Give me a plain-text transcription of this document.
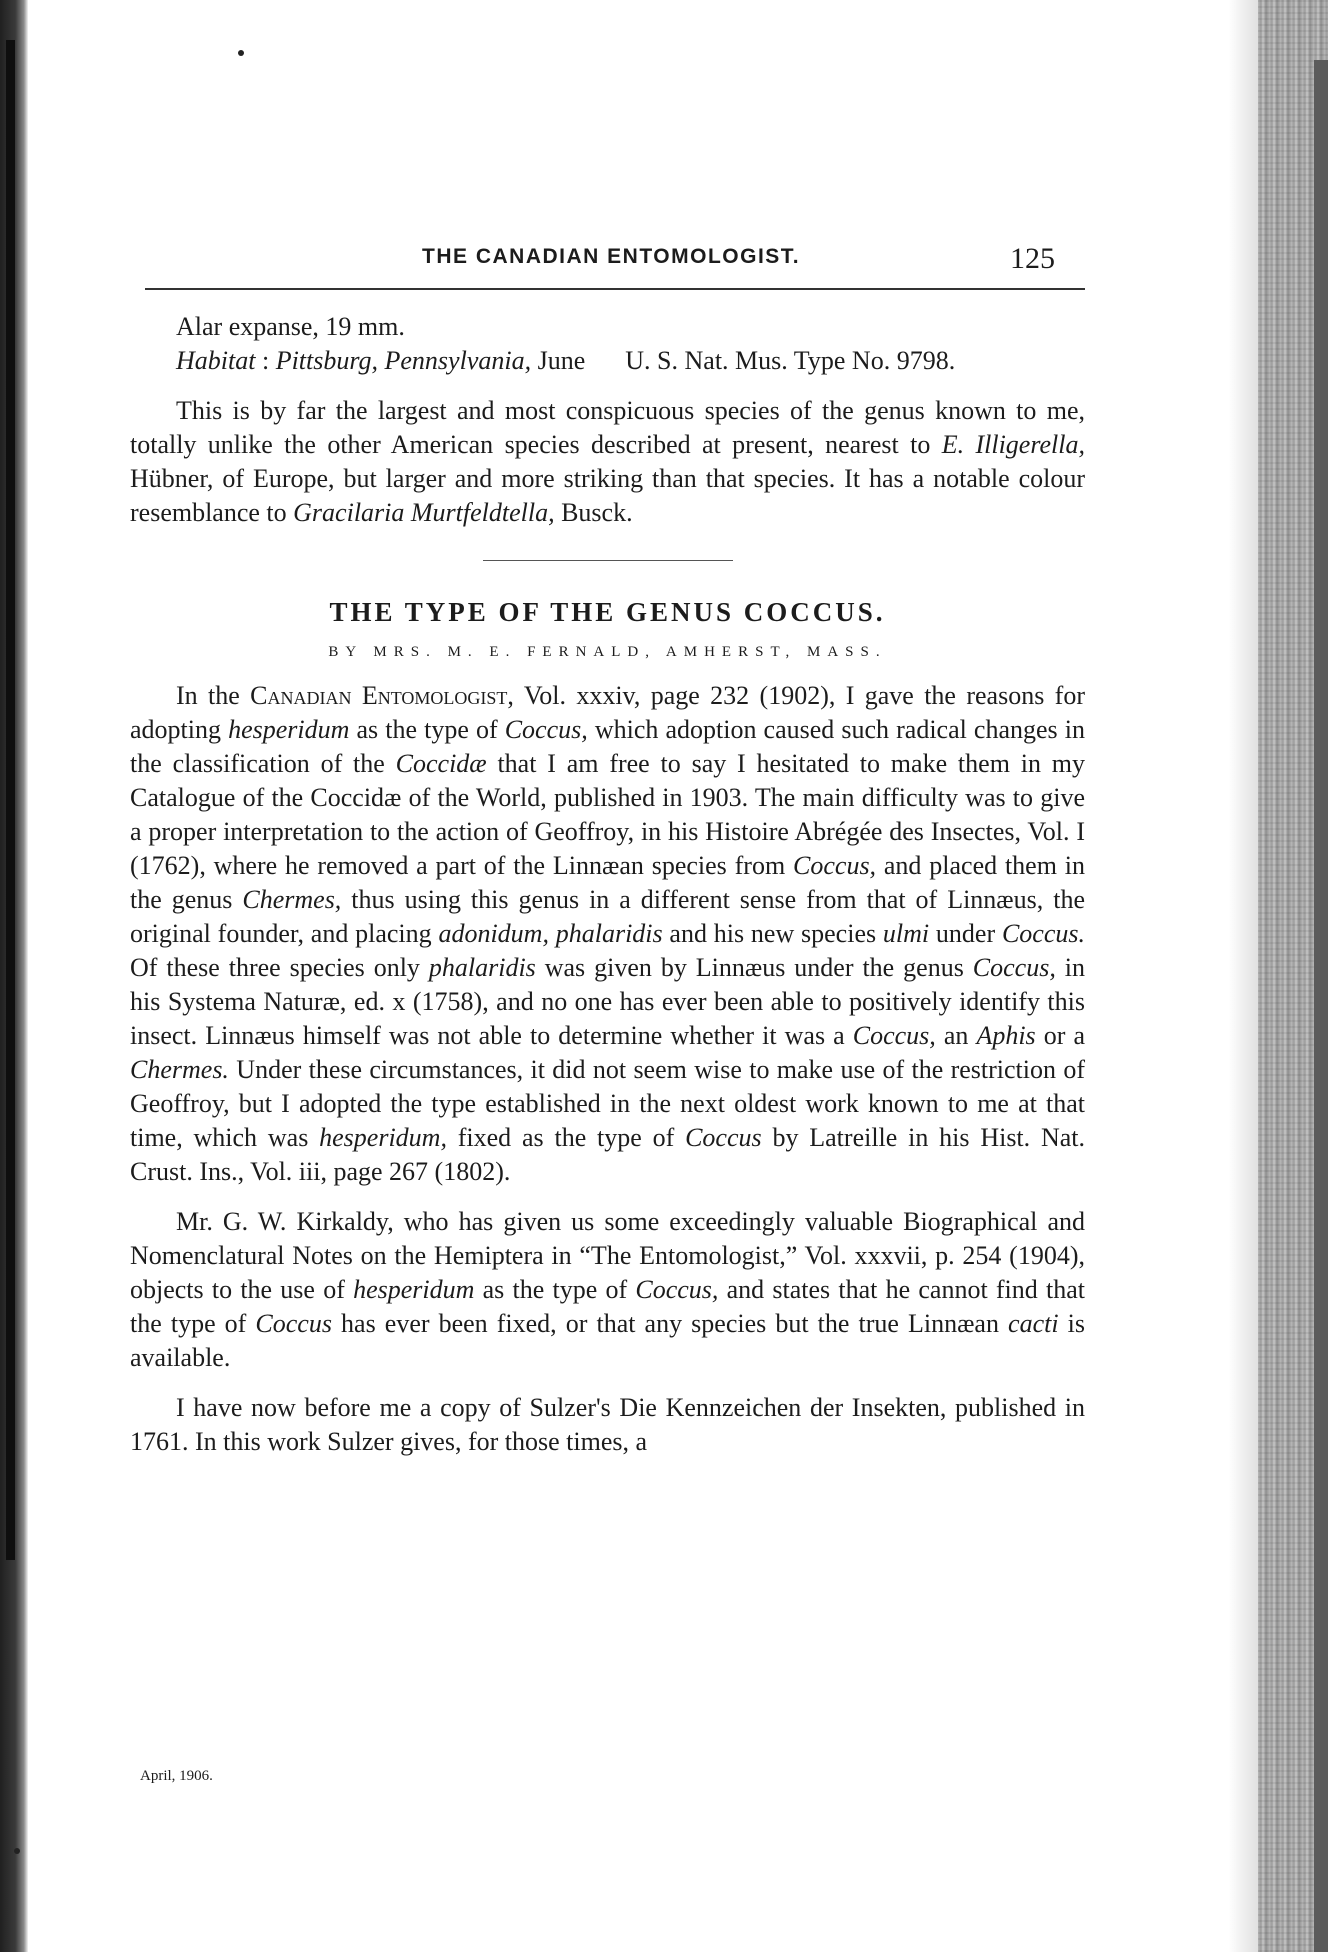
THE CANADIAN ENTOMOLOGIST.	125

Alar expanse, 19 mm.

Habitat : Pittsburg, Pennsylvania, June U. S. Nat. Mus. Type No. 9798.

This is by far the largest and most conspicuous species of the genus known to me, totally unlike the other American species described at present, nearest to E. Illigerella, Hübner, of Europe, but larger and more striking than that species. It has a notable colour resemblance to Gracilaria Murtfeldtella, Busck.

THE TYPE OF THE GENUS COCCUS.
BY MRS. M. E. FERNALD, AMHERST, MASS.

In the Canadian Entomologist, Vol. xxxiv, page 232 (1902), I gave the reasons for adopting hesperidum as the type of Coccus, which adoption caused such radical changes in the classification of the Coccidæ that I am free to say I hesitated to make them in my Catalogue of the Coccidæ of the World, published in 1903. The main difficulty was to give a proper interpretation to the action of Geoffroy, in his Histoire Abrégée des Insectes, Vol. I (1762), where he removed a part of the Linnæan species from Coccus, and placed them in the genus Chermes, thus using this genus in a different sense from that of Linnæus, the original founder, and placing adonidum, phalaridis and his new species ulmi under Coccus. Of these three species only phalaridis was given by Linnæus under the genus Coccus, in his Systema Naturæ, ed. x (1758), and no one has ever been able to positively identify this insect. Linnæus himself was not able to determine whether it was a Coccus, an Aphis or a Chermes. Under these circumstances, it did not seem wise to make use of the restriction of Geoffroy, but I adopted the type established in the next oldest work known to me at that time, which was hesperidum, fixed as the type of Coccus by Latreille in his Hist. Nat. Crust. Ins., Vol. iii, page 267 (1802).

Mr. G. W. Kirkaldy, who has given us some exceedingly valuable Biographical and Nomenclatural Notes on the Hemiptera in “The Entomologist,” Vol. xxxvii, p. 254 (1904), objects to the use of hesperidum as the type of Coccus, and states that he cannot find that the type of Coccus has ever been fixed, or that any species but the true Linnæan cacti is available.

I have now before me a copy of Sulzer's Die Kennzeichen der Insekten, published in 1761. In this work Sulzer gives, for those times, a

April, 1906.
